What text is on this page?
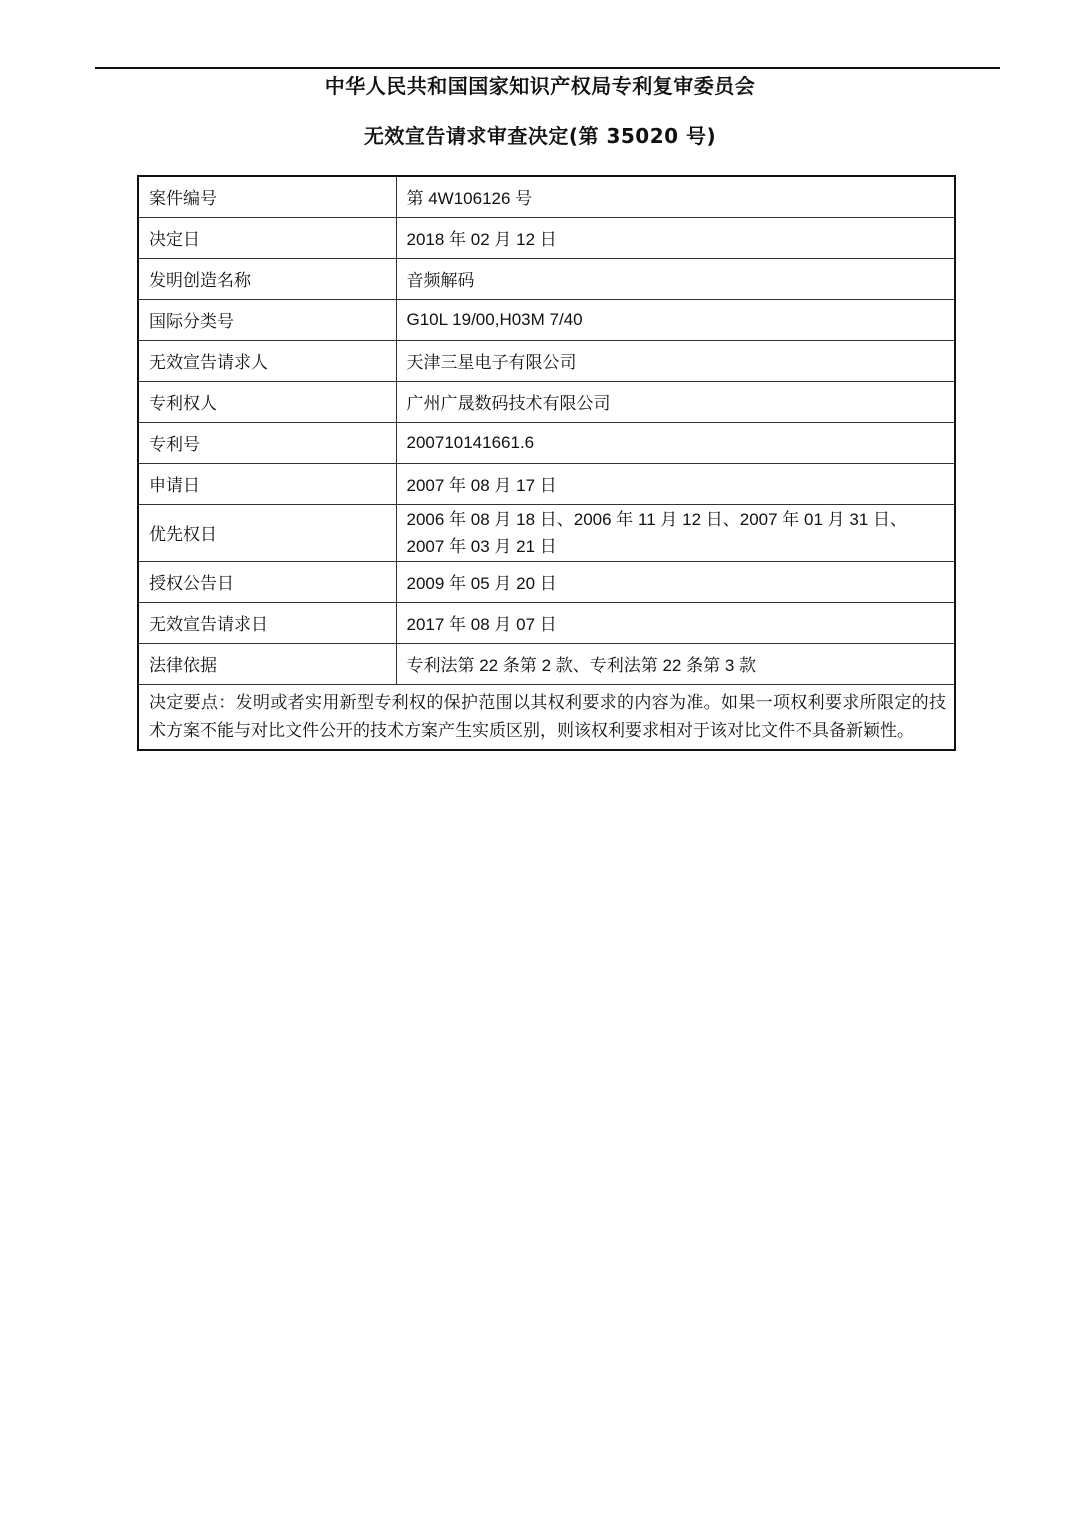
中华人民共和国国家知识产权局专利复审委员会
无效宣告请求审查决定(第 35020 号)
案件编号	第 4W106126 号
决定日	2018 年 02 月 12 日
发明创造名称	音频解码
国际分类号	G10L 19/00,H03M 7/40
无效宣告请求人	天津三星电子有限公司
专利权人	广州广晟数码技术有限公司
专利号	200710141661.6
申请日	2007 年 08 月 17 日
优先权日	2006 年 08 月 18 日、2006 年 11 月 12 日、2007 年 01 月 31 日、
2007 年 03 月 21 日

授权公告日	2009 年 05 月 20 日
无效宣告请求日	2017 年 08 月 07 日
法律依据	专利法第 22 条第 2 款、专利法第 22 条第 3 款
决定要点：发明或者实用新型专利权的保护范围以其权利要求的内容为准。如果一项权利要求所限定的技术方案不能与对比文件公开的技术方案产生实质区别，则该权利要求相对于该对比文件不具备新颖性。	
